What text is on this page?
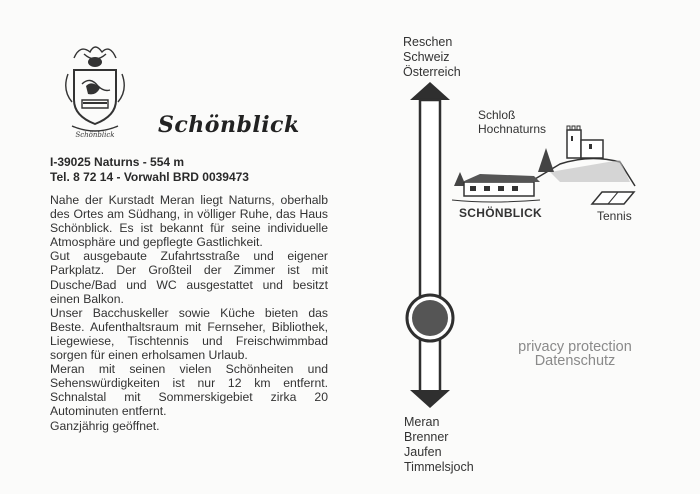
Schönblick Schönblick
I-39025 Naturns - 554 m
Tel. 8 72 14 - Vorwahl BRD 0039473

Nahe der Kurstadt Meran liegt Naturns, oberhalb des Ortes am Südhang, in völliger Ruhe, das Haus Schönblick. Es ist bekannt für seine individuelle Atmosphäre und gepflegte Gastlichkeit.

Gut ausgebaute Zufahrtsstraße und eigener Parkplatz. Der Großteil der Zimmer ist mit Dusche/Bad und WC ausgestattet und besitzt einen Balkon.

Unser Bacchuskeller sowie Küche bieten das Beste. Aufenthaltsraum mit Fernseher, Bibliothek, Liegewiese, Tischtennis und Freischwimmbad sorgen für einen erholsamen Urlaub.

Meran mit seinen vielen Schönheiten und Sehenswürdigkeiten ist nur 12 km entfernt. Schnalstal mit Sommerskigebiet zirka 20 Autominuten entfernt.

Ganzjährig geöffnet.

Reschen
Schweiz
Österreich
Meran
Brenner
Jaufen
Timmelsjoch
Schloß
Hochnaturns
SCHÖNBLICK	Tennis
privacy protection
Datenschutz
